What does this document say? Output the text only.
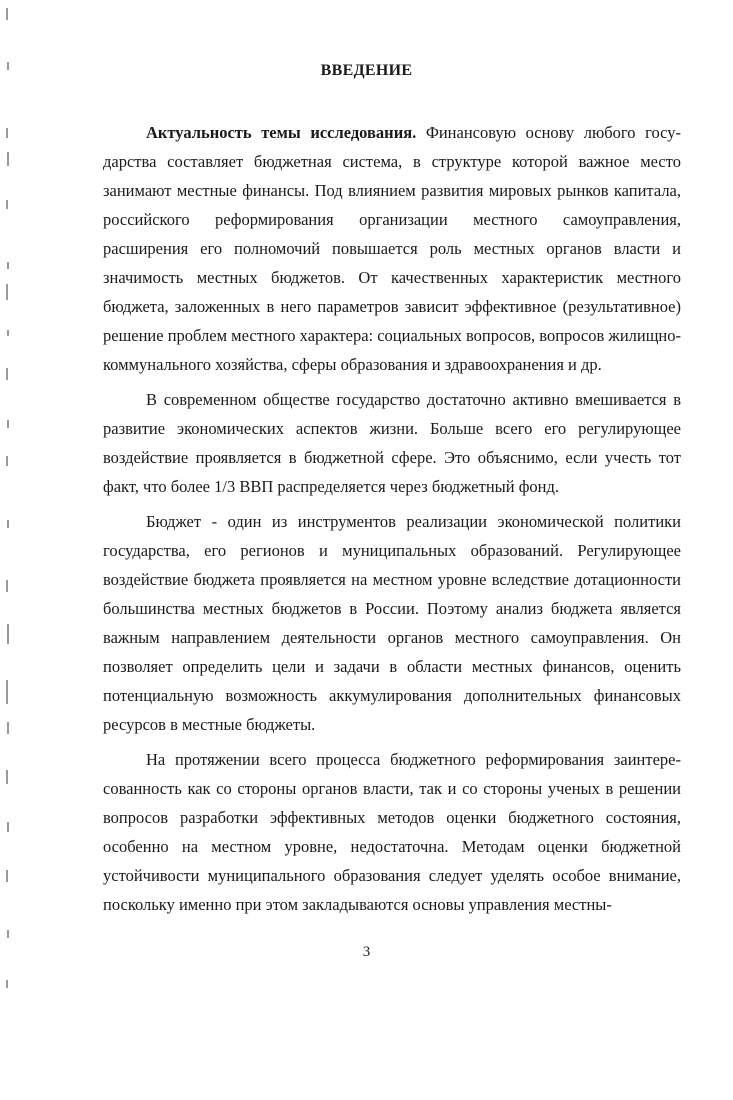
ВВЕДЕНИЕ

Актуальность темы исследования. Финансовую основу любого государства составляет бюджетная система, в структуре которой важное место занимают местные финансы. Под влиянием развития мировых рынков капитала, российского реформирования организации местного самоуправления, расширения его полномочий повышается роль местных органов власти и значимость местных бюджетов. От качественных характеристик местного бюджета, заложенных в него параметров зависит эффективное (результативное) решение проблем местного характера: социальных вопросов, вопросов жилищно-коммунального хозяйства, сферы образования и здравоохранения и др.

В современном обществе государство достаточно активно вмешивается в развитие экономических аспектов жизни. Больше всего его регулирующее воздействие проявляется в бюджетной сфере. Это объяснимо, если учесть тот факт, что более 1/3 ВВП распределяется через бюджетный фонд.

Бюджет - один из инструментов реализации экономической политики государства, его регионов и муниципальных образований. Регулирующее воздействие бюджета проявляется на местном уровне вследствие дотационности большинства местных бюджетов в России. Поэтому анализ бюджета является важным направлением деятельности органов местного самоуправления. Он позволяет определить цели и задачи в области местных финансов, оценить потенциальную возможность аккумулирования дополнительных финансовых ресурсов в местные бюджеты.

На протяжении всего процесса бюджетного реформирования заинтересованность как со стороны органов власти, так и со стороны ученых в решении вопросов разработки эффективных методов оценки бюджетного состояния, особенно на местном уровне, недостаточна. Методам оценки бюджетной устойчивости муниципального образования следует уделять особое внимание, поскольку именно при этом закладываются основы управления местны-

3
